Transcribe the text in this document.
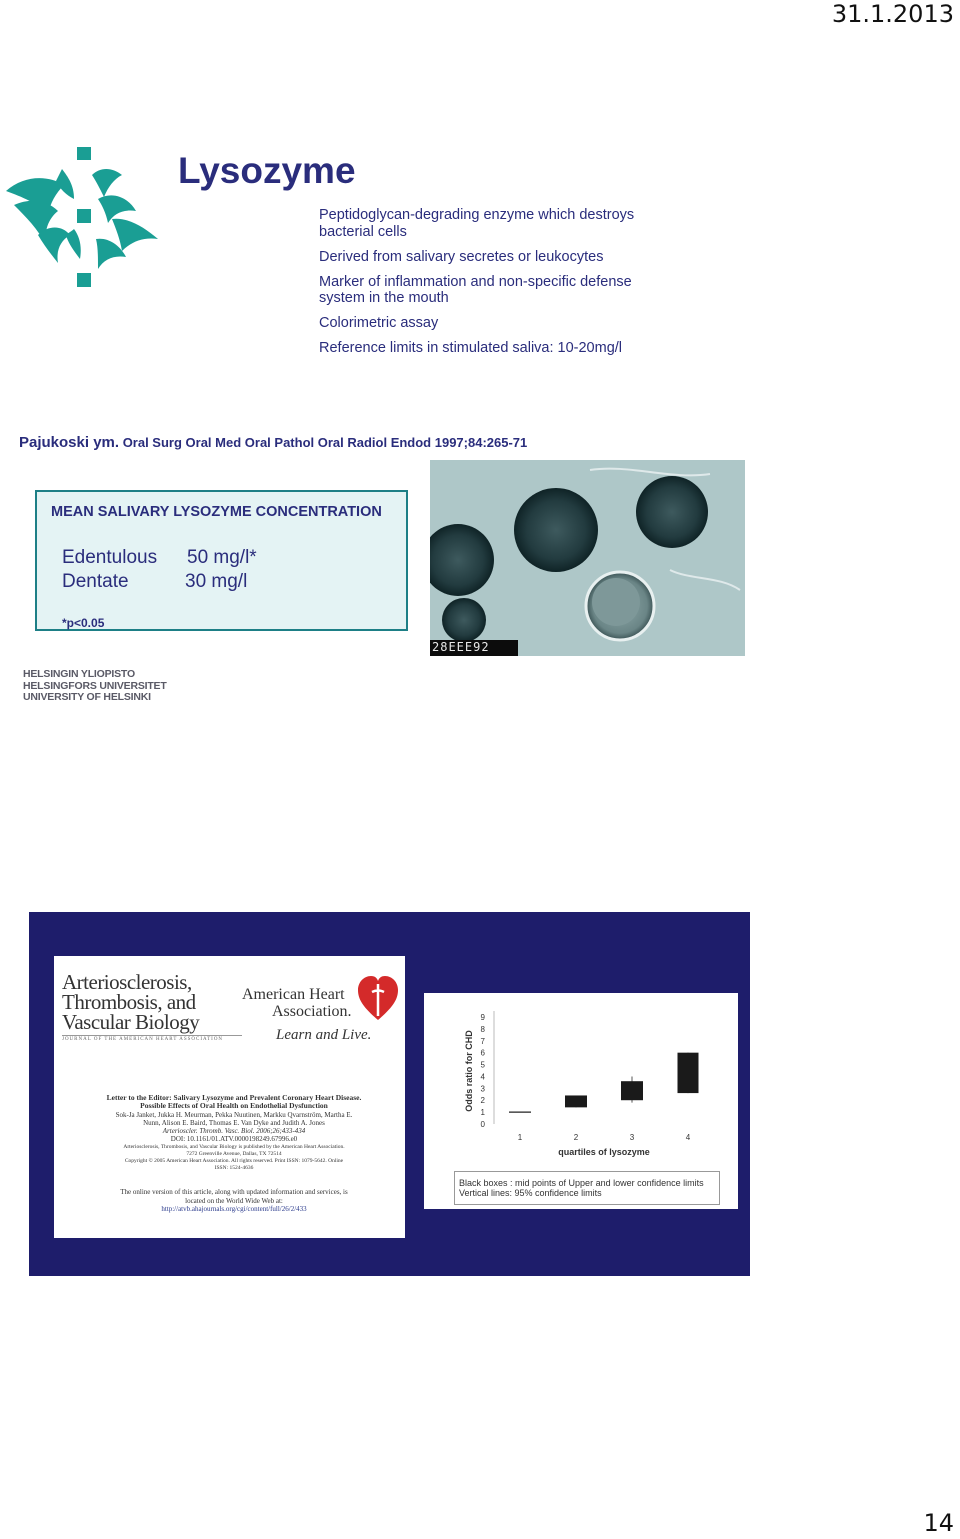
31.1.2013
Lysozyme

Peptidoglycan-degrading enzyme which destroys bacterial cells

Derived from salivary secretes or leukocytes

Marker of inflammation and non-specific defense system in the mouth

Colorimetric assay

Reference limits in stimulated saliva: 10-20mg/l

Pajukoski ym. Oral Surg Oral Med Oral Pathol Oral Radiol Endod 1997;84:265-71
MEAN SALIVARY LYSOZYME CONCENTRATION
Edentulous 50 mg/l*
Dentate	30 mg/l
*p<0.05
28EEE92
HELSINGIN YLIOPISTO
HELSINGFORS UNIVERSITET
UNIVERSITY OF HELSINKI
Arteriosclerosis,
Thrombosis, and
Vascular Biology
JOURNAL OF THE AMERICAN HEART ASSOCIATION
American Heart
Association.
Learn and Live.
Letter to the Editor: Salivary Lysozyme and Prevalent Coronary Heart Disease.
Possible Effects of Oral Health on Endothelial Dysfunction
Sok-Ja Janket, Jukka H. Meurman, Pekka Nuutinen, Markku Qvarnström, Martha E.
Nunn, Alison E. Baird, Thomas E. Van Dyke and Judith A. Jones
Arterioscler. Thromb. Vasc. Biol. 2006;26;433-434
DOI: 10.1161/01.ATV.0000198249.67996.e0
Arteriosclerosis, Thrombosis, and Vascular Biology is published by the American Heart Association.
7272 Greenville Avenue, Dallas, TX 72514
Copyright © 2005 American Heart Association. All rights reserved. Print ISSN: 1079-5642. Online
ISSN: 1524-4636
The online version of this article, along with updated information and services, is
located on the World Wide Web at:
http://atvb.ahajournals.org/cgi/content/full/26/2/433
0
1
2
3
4
5
6
7
8
9
1	2	3	4
quartiles of lysozyme
Odds ratio for CHD
Black boxes : mid points of Upper and lower confidence limits
Vertical lines: 95% confidence limits
14
